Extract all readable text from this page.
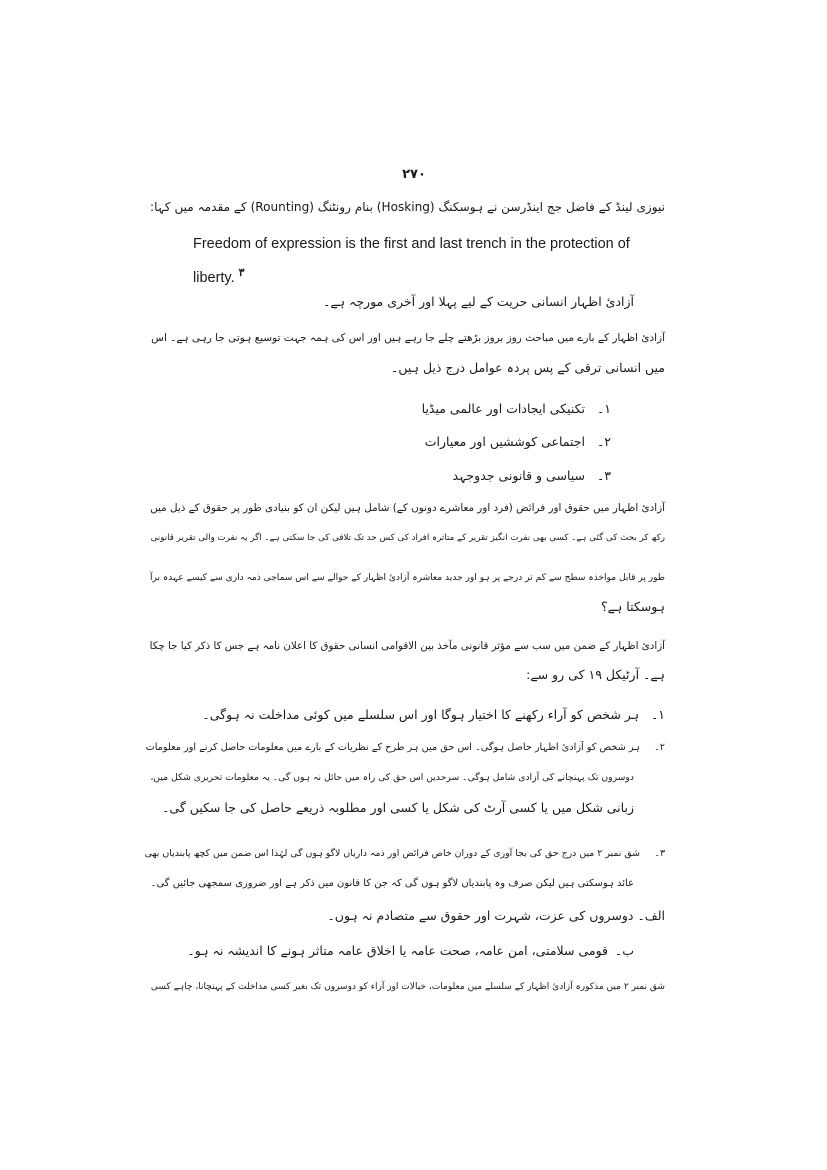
۲۷۰
نیوزی لینڈ کے فاضل جج اینڈرسن نے ہوسکنگ (Hosking) بنام رونٹنگ (Rounting) کے مقدمہ میں کہا:
Freedom of expression is the first and last trench in the protection of
liberty. $^۳$
آزادیٔ اظہار انسانی حریت کے لیے پہلا اور آخری مورچہ ہے۔
آزادیٔ اظہار کے بارے میں مباحث روز بروز بڑھتے چلے جا رہے ہیں اور اس کی ہمہ جہت توسیع ہوتی جا رہی ہے۔ اس
میں انسانی ترقی کے پس پردہ عوامل درج ذیل ہیں۔
۱۔ تکنیکی ایجادات اور عالمی میڈیا
۲۔ اجتماعی کوششیں اور معیارات
۳۔ سیاسی و قانونی جدوجہد
آزادیٔ اظہار میں حقوق اور فرائض (فرد اور معاشرے دونوں کے) شامل ہیں لیکن ان کو بنیادی طور پر حقوق کے ذیل میں
رکھ کر بحث کی گئی ہے۔ کسی بھی نفرت انگیز تقریر کے متاثرہ افراد کی کس حد تک تلافی کی جا سکتی ہے۔ اگر یہ نفرت والی تقریر قانونی
طور پر قابل مواخذہ سطح سے کم تر درجے پر ہو اور جدید معاشرہ آزادیٔ اظہار کے حوالے سے اس سماجی ذمہ داری سے کیسے عہدہ برآ
ہوسکتا ہے؟
آزادیٔ اظہار کے ضمن میں سب سے مؤثر قانونی مآخذ بین الاقوامی انسانی حقوق کا اعلان نامہ ہے جس کا ذکر کیا جا چکا
ہے۔ آرٹیکل ۱۹ کی رو سے:
۱۔ ہر شخص کو آراء رکھنے کا اختیار ہوگا اور اس سلسلے میں کوئی مداخلت نہ ہوگی۔
۲۔ ہر شخص کو آزادیٔ اظہار حاصل ہوگی۔ اس حق میں ہر طرح کے نظریات کے بارے میں معلومات حاصل کرنے اور معلومات
دوسروں تک پہنچانے کی آزادی شامل ہوگی۔ سرحدیں اس حق کی راہ میں حائل نہ ہوں گی۔ یہ معلومات تحریری شکل میں،
زبانی شکل میں یا کسی آرٹ کی شکل یا کسی اور مطلوبہ ذریعے حاصل کی جا سکیں گی۔
۳۔ شق نمبر ۲ میں درج حق کی بجا آوری کے دوران خاص فرائض اور ذمہ داریاں لاگو ہوں گی لہٰذا اس ضمن میں کچھ پابندیاں بھی
عائد ہوسکتی ہیں لیکن صرف وہ پابندیاں لاگو ہوں گی کہ جن کا قانون میں ذکر ہے اور ضروری سمجھی جائیں گی۔
الف۔ دوسروں کی عزت، شہرت اور حقوق سے متصادم نہ ہوں۔
ب۔ قومی سلامتی، امن عامہ، صحت عامہ یا اخلاق عامہ متاثر ہونے کا اندیشہ نہ ہو۔
شق نمبر ۲ میں مذکورہ آزادیٔ اظہار کے سلسلے میں معلومات، خیالات اور آراء کو دوسروں تک بغیر کسی مداخلت کے پہنچانا، چاہے کسی
